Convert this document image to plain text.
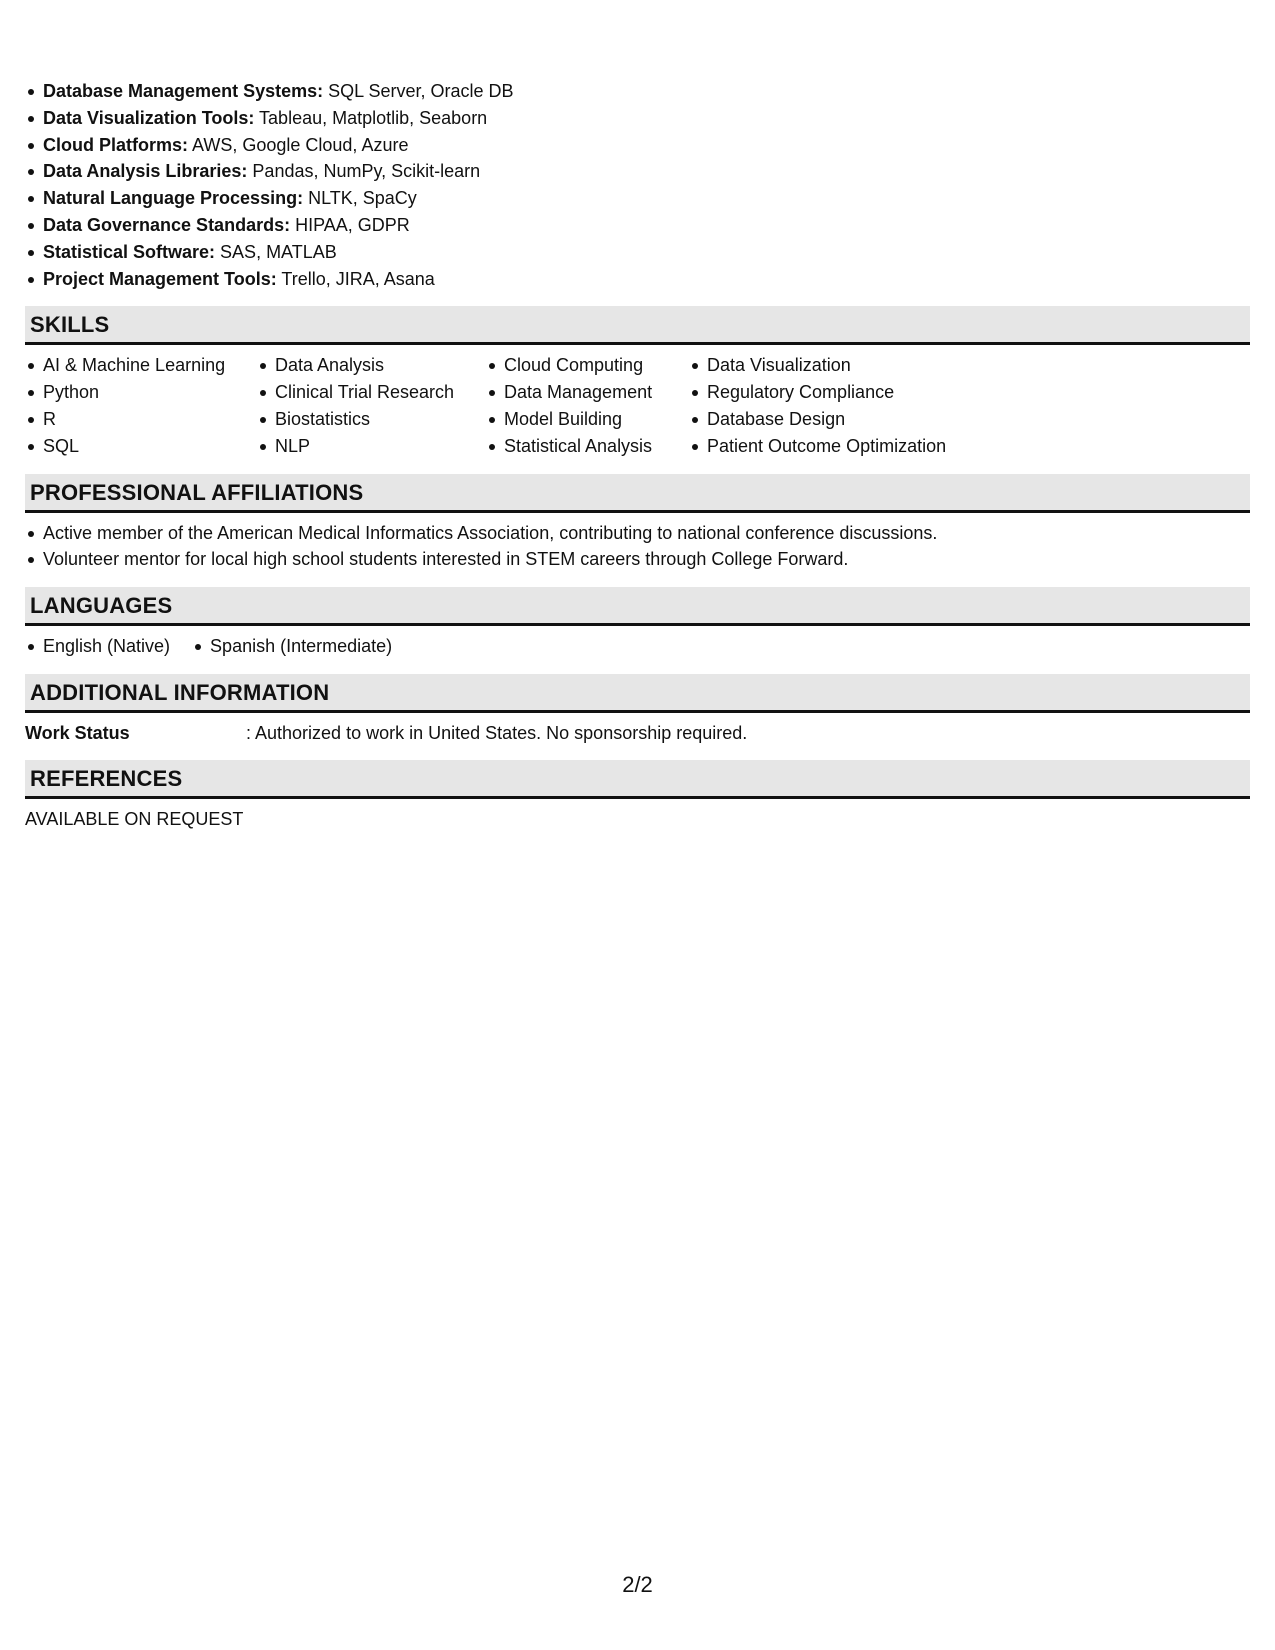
Database Management Systems: SQL Server, Oracle DB
Data Visualization Tools: Tableau, Matplotlib, Seaborn
Cloud Platforms: AWS, Google Cloud, Azure
Data Analysis Libraries: Pandas, NumPy, Scikit-learn
Natural Language Processing: NLTK, SpaCy
Data Governance Standards: HIPAA, GDPR
Statistical Software: SAS, MATLAB
Project Management Tools: Trello, JIRA, Asana
SKILLS
AI & Machine Learning
Python
R
SQL
Data Analysis
Clinical Trial Research
Biostatistics
NLP
Cloud Computing
Data Management
Model Building
Statistical Analysis
Data Visualization
Regulatory Compliance
Database Design
Patient Outcome Optimization
PROFESSIONAL AFFILIATIONS
Active member of the American Medical Informatics Association, contributing to national conference discussions.
Volunteer mentor for local high school students interested in STEM careers through College Forward.
LANGUAGES
English (Native)	Spanish (Intermediate)
ADDITIONAL INFORMATION
Work Status	: Authorized to work in United States. No sponsorship required.
REFERENCES
AVAILABLE ON REQUEST
2/2
